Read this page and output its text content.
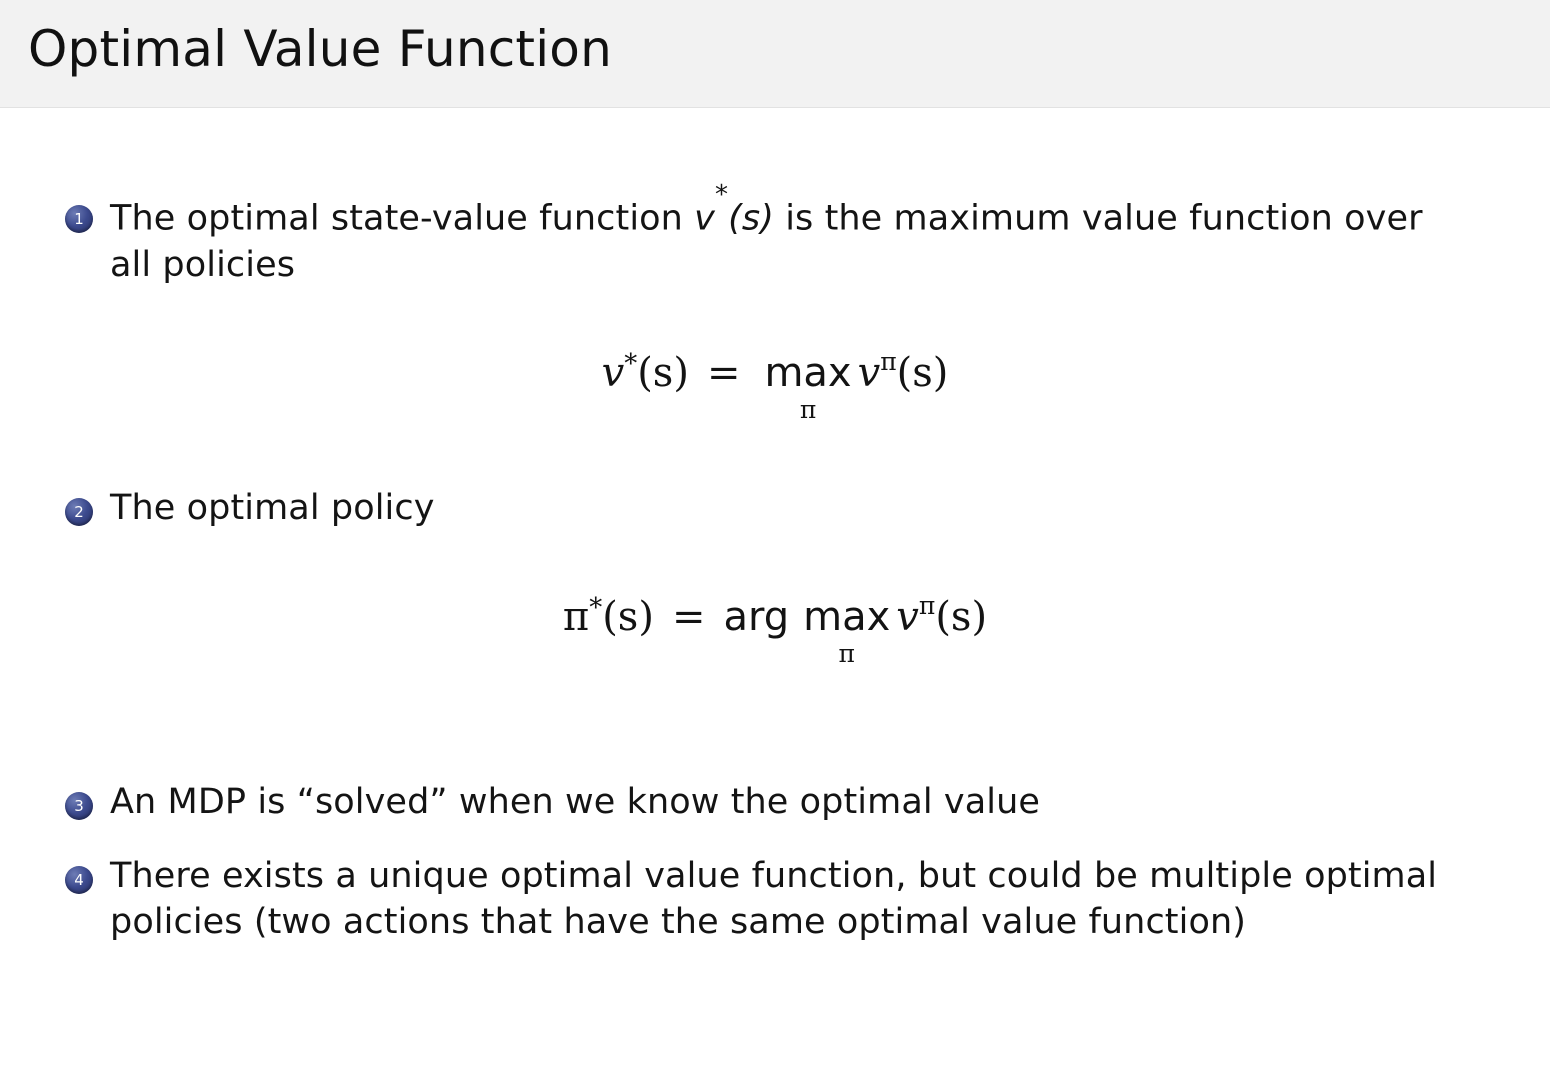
Optimal Value Function
1 The optimal state-value function v*(s) is the maximum value function over all policies
v * (s) = max
π
v π (s)
2 The optimal policy
π * (s) = arg max
π
v π (s)
3 An MDP is “solved” when we know the optimal value
4 There exists a unique optimal value function, but could be multiple optimal policies (two actions that have the same optimal value function)
